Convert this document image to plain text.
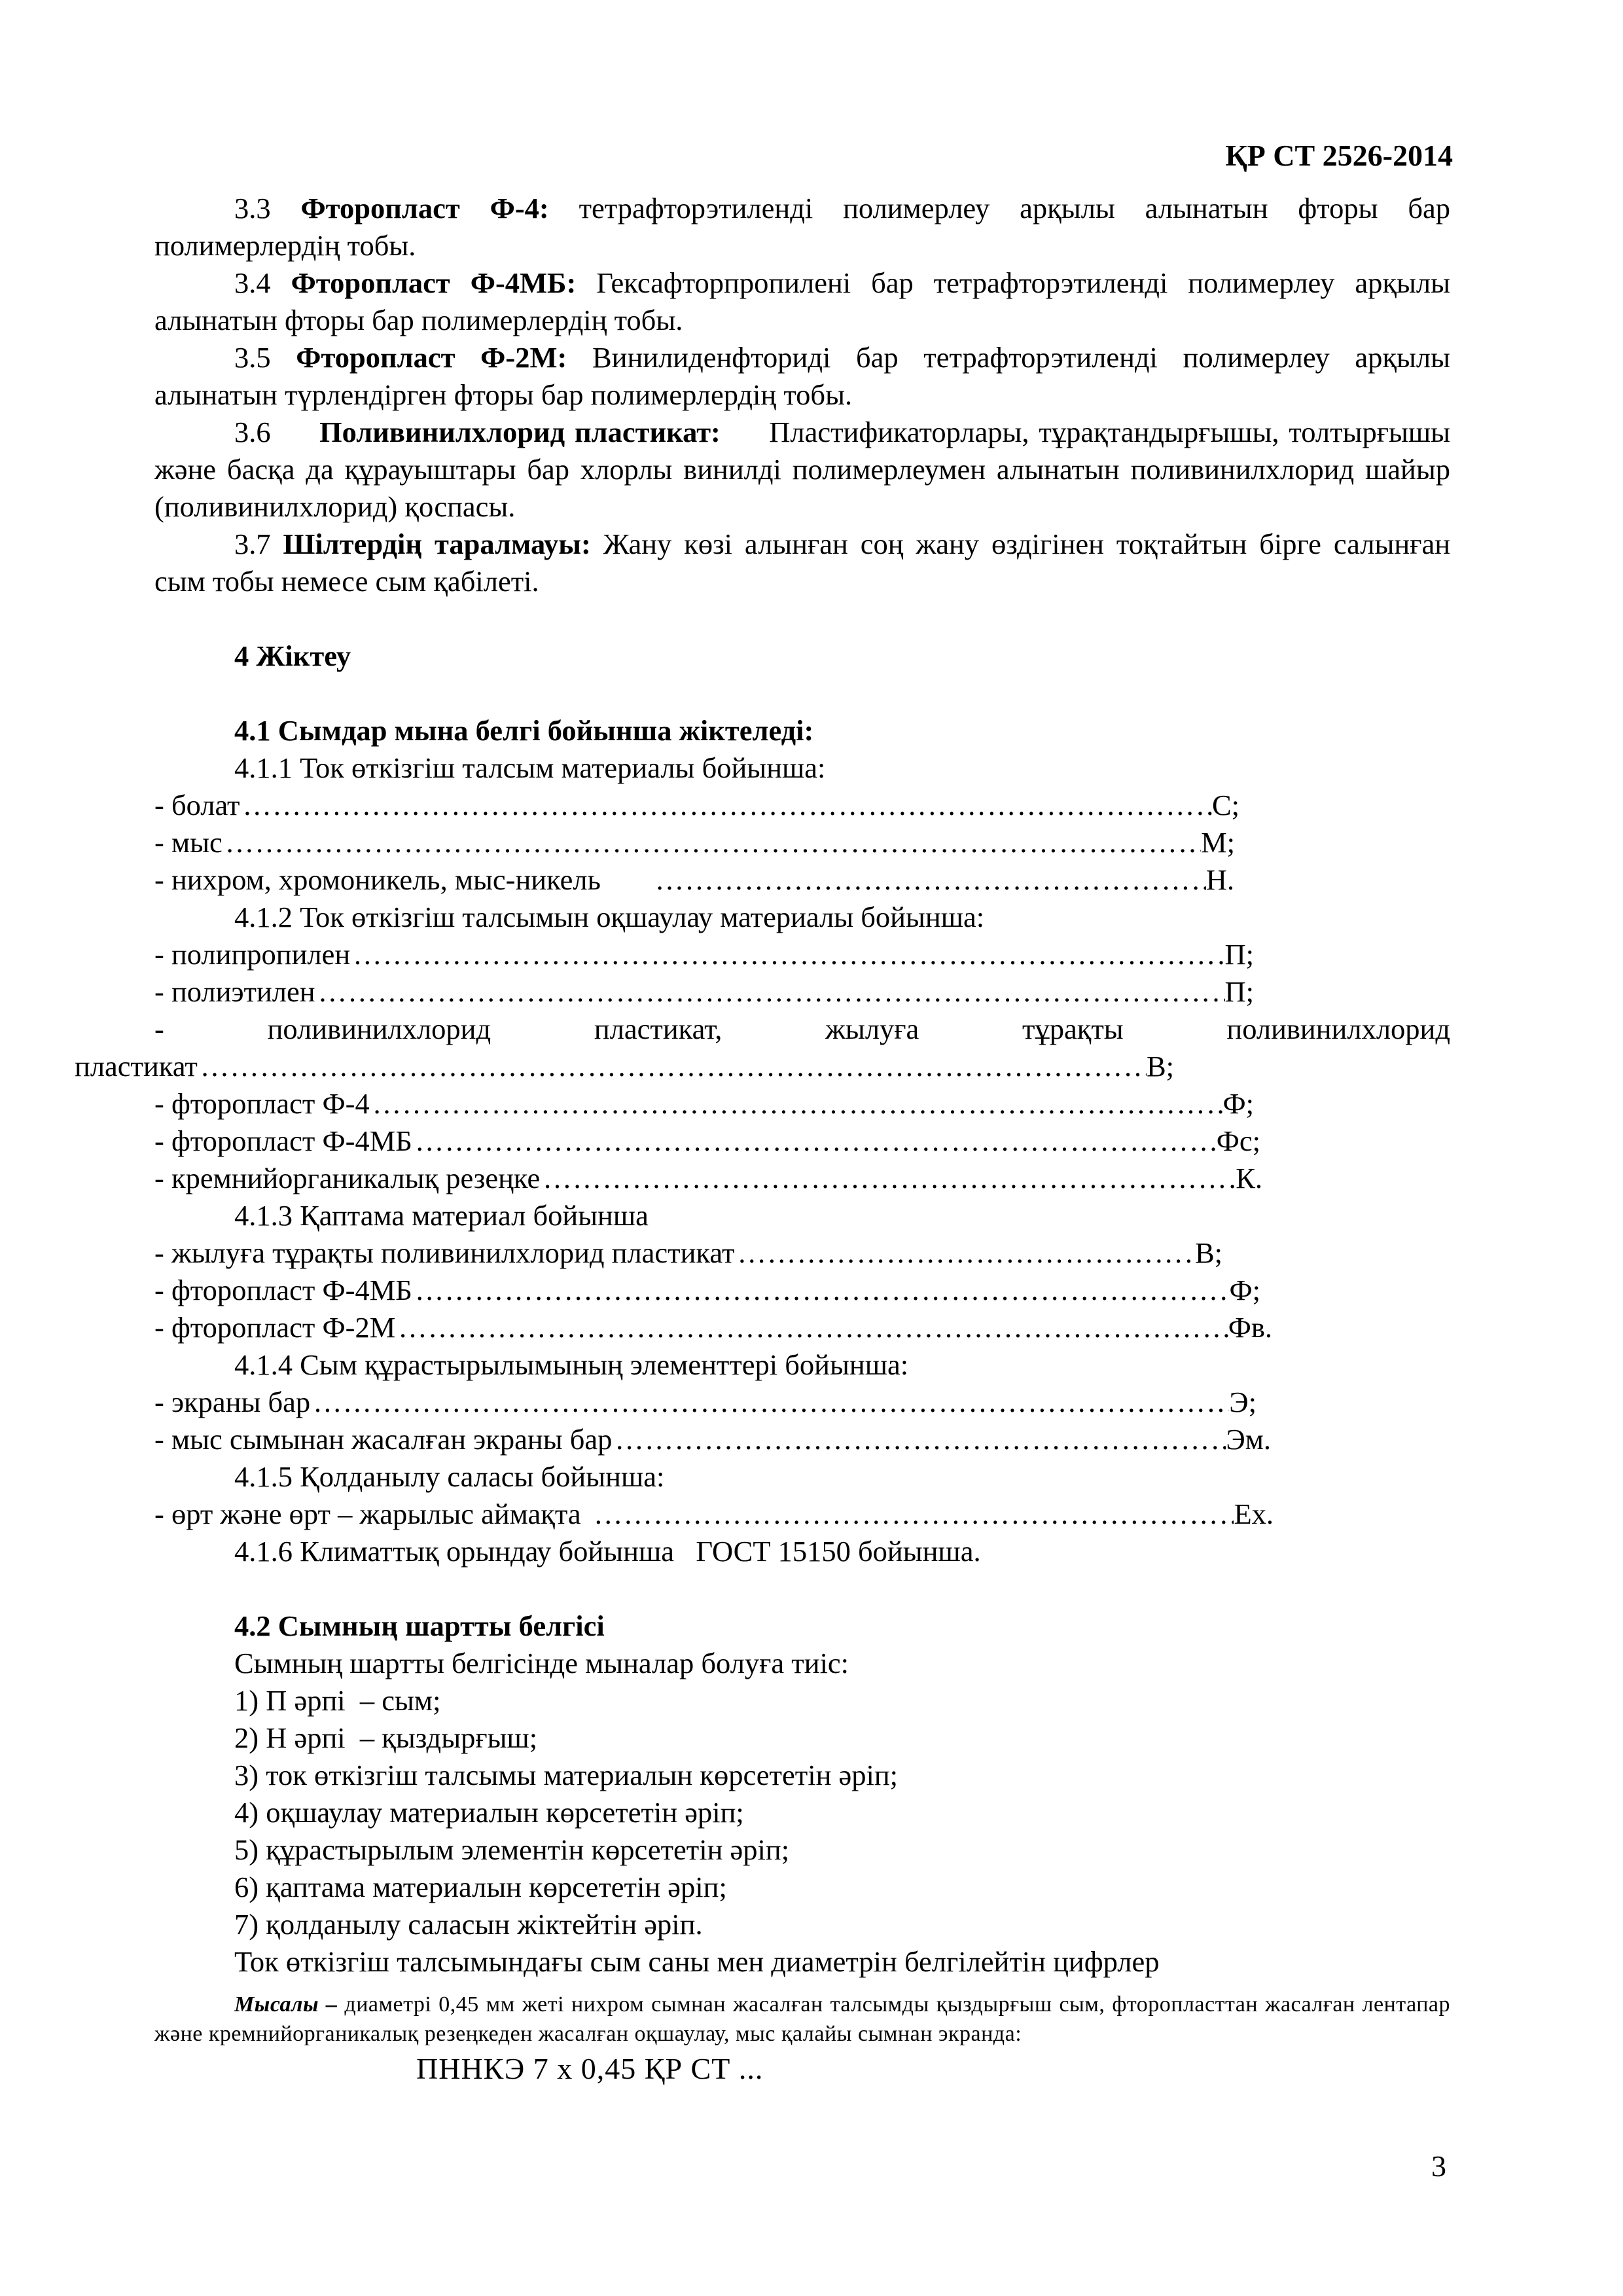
ҚР СТ 2526-2014

3.3 Фторопласт Ф-4: тетрафторэтиленді полимерлеу арқылы алынатын фторы бар полимерлердің тобы.

3.4 Фторопласт Ф-4МБ: Гексафторпропилені бар тетрафторэтиленді полимерлеу арқылы алынатын фторы бар полимерлердің тобы.

3.5 Фторопласт Ф-2М: Винилиденфториді бар тетрафторэтиленді полимерлеу арқылы алынатын түрлендірген фторы бар полимерлердің тобы.

3.6 Поливинилхлорид пластикат: Пластификаторлары, тұрақтандырғышы, толтырғышы және басқа да құрауыштары бар хлорлы винилді полимерлеумен алынатын поливинилхлорид шайыр (поливинилхлорид) қоспасы.

3.7 Шілтердің таралмауы: Жану көзі алынған соң жану өздігінен тоқтайтын бірге салынған сым тобы немесе сым қабілеті.

4 Жіктеу

4.1 Сымдар мына белгі бойынша жіктеледі:

4.1.1 Ток өткізгіш талсым материалы бойынша:

- болат ……………………………………………………………………………………………………………………………………………………	С;
- мыс ……………………………………………………………………………………………………………………………………………………	М;
- нихром, хромоникель, мыс-никель ……………………………………………………………………………………………………………………………………………………	Н.

4.1.2 Ток өткізгіш талсымын оқшаулау материалы бойынша:

- полипропилен ……………………………………………………………………………………………………………………………………………………	П;
- полиэтилен ……………………………………………………………………………………………………………………………………………………	П;
-	поливинилхлорид	пластикат,	жылуға	тұрақты	поливинилхлорид
пластикат ……………………………………………………………………………………………………………………………………………………	В;
- фторопласт Ф-4 ……………………………………………………………………………………………………………………………………………………	Ф;
- фторопласт Ф-4МБ ……………………………………………………………………………………………………………………………………………………	Фс;
- кремнийорганикалық резеңке ……………………………………………………………………………………………………………………………………………………	К.

4.1.3 Қаптама материал бойынша

- жылуға тұрақты поливинилхлорид пластикат ……………………………………………………………………………………………………………………………………………………	В;
- фторопласт Ф-4МБ ……………………………………………………………………………………………………………………………………………………	Ф;
- фторопласт Ф-2М ……………………………………………………………………………………………………………………………………………………	Фв.

4.1.4 Сым құрастырылымының элементтері бойынша:

- экраны бар ……………………………………………………………………………………………………………………………………………………	Э;
- мыс сымынан жасалған экраны бар ……………………………………………………………………………………………………………………………………………………	Эм.

4.1.5 Қолданылу саласы бойынша:

- өрт және өрт – жарылыс аймақта ……………………………………………………………………………………………………………………………………………………	Ех.

4.1.6 Климаттық орындау бойынша   ГОСТ 15150 бойынша.

4.2 Сымның шартты белгісі

Сымның шартты белгісінде мыналар болуға тиіс:

1) П әрпі  – сым;

2) Н әрпі  – қыздырғыш;

3) ток өткізгіш талсымы материалын көрсететін әріп;

4) оқшаулау материалын көрсететін әріп;

5) құрастырылым элементін көрсететін әріп;

6) қаптама материалын көрсететін әріп;

7) қолданылу саласын жіктейтін әріп.

Ток өткізгіш талсымындағы сым саны мен диаметрін белгілейтін цифрлер

Мысалы – диаметрі 0,45 мм жеті нихром сымнан жасалған талсымды қыздырғыш сым, фторопласттан жасалған лентапар және кремнийорганикалық резеңкеден жасалған оқшаулау, мыс қалайы сымнан экранда:
ПННКЭ 7 х 0,45 ҚР СТ ...
3
